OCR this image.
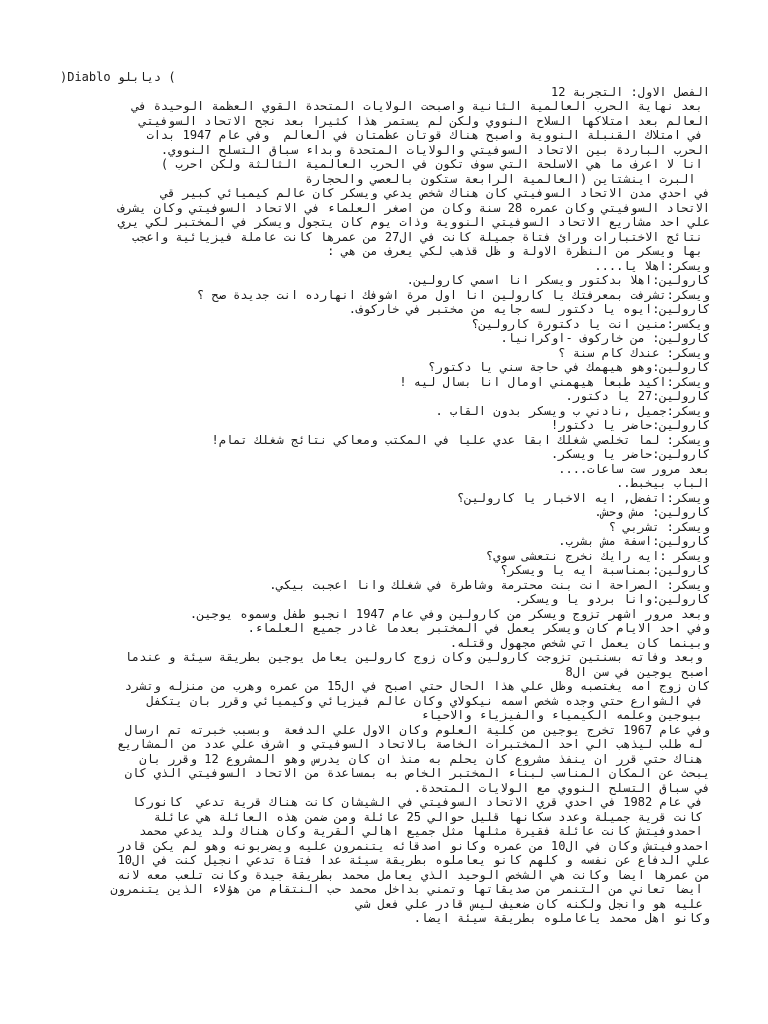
)Diablo دیابلو (
الفصل الاول: التجربة 12
بعد نهاية الحرب العالمية الثانية واصبحت الولايات المتحدة القوي العظمة الوحيدة في
العالم بعد امتلاكها السلاح النووي ولكن لم يستمر هذا كثيرا بعد نجح الاتحاد السوفيتي
في امتلاك القنبلة النووية واصبح هناك قوتان عظمتان في العالم  وفي عام 1947 بدات
الحرب الباردة بين الاتحاد السوفيتي والولايات المتحدة وبداء سباق التسلح النووي.
انا لا اعرف ما هي الاسلحة التي سوف تكون في الحرب العالمية الثالثة ولكن احرب )
البرت اينشتاين (العالمية الرابعة ستكون بالعصي والحجارة
في احدي مدن الاتحاد السوفيتي كان هناك شخص يدعي ويسكر كان عالم كيميائي كبير قي
الاتحاد السوفيتي وكان عمره 28 سنة وكان من اصغر العلماء في الاتحاد السوفيتي وكان يشرف
علي احد مشاريع الاتحاد السوفيتي النووية وذات يوم كان يتجول ويسكر في المختبر لكي يري
نتائج الاختبارات ورائ فتاة جميلة كانت في ال27 من عمرها كانت عاملة فيزيائية واعجب
بها ويسكر من النظرة الاولة و ظل قذهب لكي يعرف من هي :
ويسكر:اهلا يا....
كارولين:اهلا بدكتور ويسكر انا اسمي كارولين.
ويسكر:تشرفت بمعرفتك يا كارولين انا اول مرة اشوفك انهارده انت جديدة صح ؟
كارولين:ايوه يا دكتور لسه جايه من مختبر في خاركوف.
ويكسر:منين انت يا دكتورة كارولين؟
كارولين: من خاركوف -اوكرانيا.
ويسكر: عندك كام سنة ؟
كارولين:وهو هيهمك في حاجة سني يا دكتور؟
ويسكر:اكيد طبعا هيهمني اومال انا بسال ليه !
كارولين:27 يا دكتور.
ويسكر:جميل ,نادني ب ويسكر بدون القاب .
كارولين:حاضر يا دكتور!
ويسكر: لما تخلصي شغلك ابقا عدي عليا في المكتب ومعاكي نتائج شغلك تمام!
كارولين:حاضر يا ويسكر.
بعد مرور ست ساعات....
الباب بيخبط..
ويسكر:اتفضل, ايه الاخبار يا كارولين؟
كارولين: مش وحش.
ويسكر: تشربي ؟
كارولين:اسفة مش بشرب.
ويسكر :ايه رايك نخرج نتعشى سوي؟
كارولين:بمناسبة ايه يا ويسكر؟
ويسكر: الصراحة انت بنت محترمة وشاطرة في شغلك وانا اعجبت بيكي.
كارولين:وانا بردو يا ويسكر.
وبعد مرور اشهر تزوج ويسكر من كارولين وفي عام 1947 انجبو طفل وسموه يوجين.
وفي احد الايام كان ويسكر يعمل في المختبر بعدما غادر جميع العلماء.
وبينما كان يعمل اتي شخص مجهول وقتله.
وبعد وفاته بسنتين تزوجت كارولين وكان زوج كارولين يعامل يوجين بطريقة سيئة و عندما
اصبح يوجين في سن ال8
كان زوج امه يغتصبه وظل علي هذا الحال حتي اصبح في ال15 من عمره وهرب من منزله وتشرد
في الشوارع حتي وجده شخص اسمه نيكولاي وكان عالم فيزيائي وكيميائي وقرر بان يتكفل
بيوجين وعلمه الكيمياء والفيزياء والاحياء
وفي عام 1967 تخرج يوجين من كلية العلوم وكان الاول علي الدفعة  وبسبب خبرته تم ارسال
له طلب ليذهب الي احد المختبرات الخاصة بالاتحاد السوفيتي و اشرف علي عدد من المشاريع
هناك حتي قرر ان ينفذ مشروع كان يحلم به منذ ان كان يدرس وهو المشروع 12 وقرر بان
يبحث عن المكان المناسب لبناء المختبر الخاص به بمساعدة من الاتحاد السوفيتي الذي كان
في سباق التسلح النووي مع الولايات المتحدة.
في عام 1982 في احدي قري الاتحاد السوفيتي في الشيشان كانت هناك قرية تدعي  كانوركا
كانت قرية جميلة وعدد سكانها قليل حوالي 25 عائلة ومن ضمن هذه العائلة هي عائلة
احمدوفيتش كانت عائلة فقيرة مثلها مثل جميع اهالي القرية وكان هناك ولد يدعي محمد
احمدوفيتش وكان في ال10 من عمره وكانو اصدقائه يتنمرون عليه ويضربونه وهو لم يكن قادر
علي الدفاع عن نفسه و كلهم كانو يعاملوه بطريقة سيئة عدا فتاة تدعي انجيل كنت في ال10
من عمرها ايضا وكانت هي الشخص الوحيد الذي يعامل محمد بطريقة جيدة وكانت تلعب معه لانه
ايضا تعاني من التنمر من صديقاتها وتمني بداخل محمد حب النتقام من هؤلاء الذين يتنمرون
عليه هو وانجل ولكنه كان ضعيف ليس قادر علي فعل شي
وكانو اهل محمد ياعاملوه بطريقة سيئة ايضا.
